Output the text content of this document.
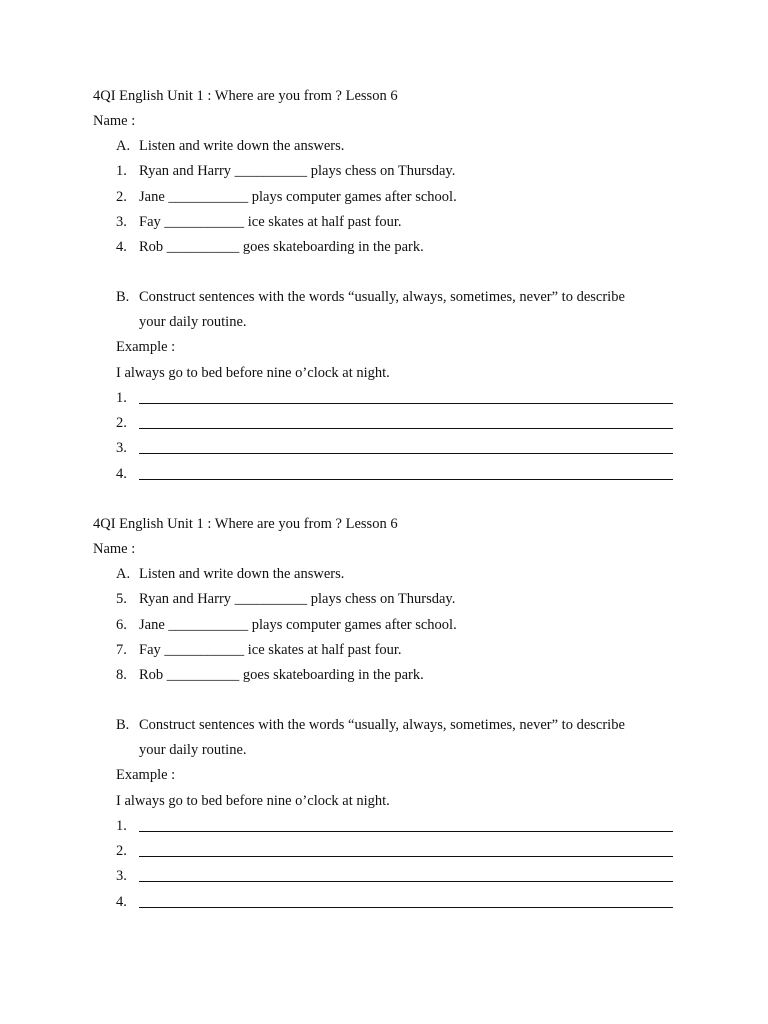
4QI English Unit 1 : Where are you from ? Lesson 6
Name :
A. Listen and write down the answers.
1. Ryan and Harry __________ plays chess on Thursday.
2. Jane ___________ plays computer games after school.
3. Fay ___________ ice skates at half past four.
4. Rob __________ goes skateboarding in the park.
B. Construct sentences with the words “usually, always, sometimes, never” to describe
your daily routine.
Example :
I always go to bed before nine o’clock at night.
1.
2.
3.
4.
4QI English Unit 1 : Where are you from ? Lesson 6
Name :
A. Listen and write down the answers.
5. Ryan and Harry __________ plays chess on Thursday.
6. Jane ___________ plays computer games after school.
7. Fay ___________ ice skates at half past four.
8. Rob __________ goes skateboarding in the park.
B. Construct sentences with the words “usually, always, sometimes, never” to describe
your daily routine.
Example :
I always go to bed before nine o’clock at night.
1.
2.
3.
4.
